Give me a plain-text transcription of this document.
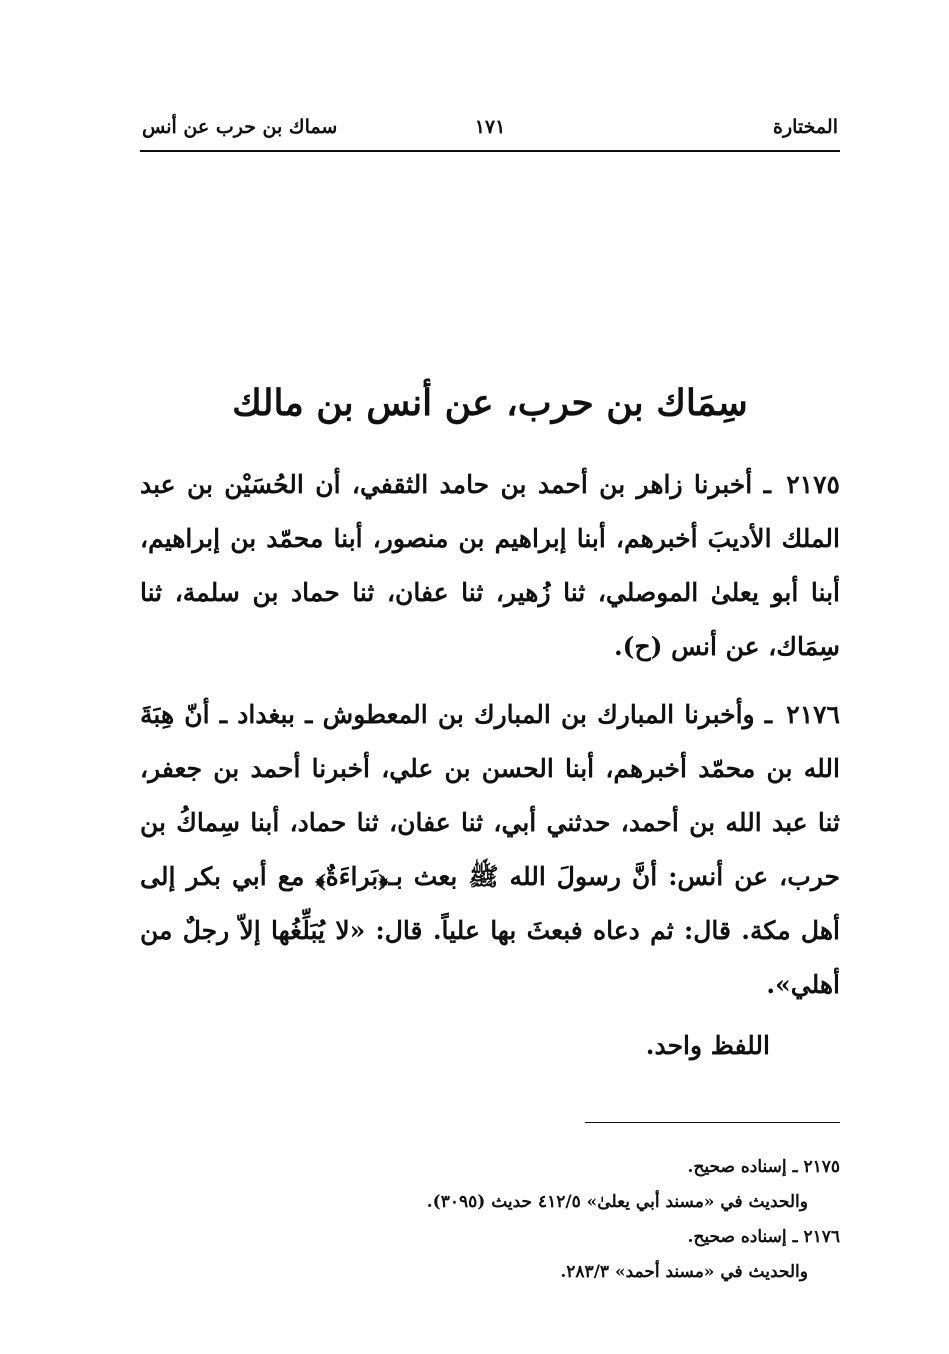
المختارة
١٧١
سماك بن حرب عن أنس
سِمَاك بن حرب، عن أنس بن مالك

٢١٧٥ ـ أخبرنا زاهر بن أحمد بن حامد الثقفي، أن الحُسَيْن بن عبد الملك الأديبَ أخبرهم، أبنا إبراهيم بن منصور، أبنا محمّد بن إبراهيم، أبنا أبو يعلىٰ الموصلي، ثنا زُهير، ثنا عفان، ثنا حماد بن سلمة، ثنا سِمَاك، عن أنس (ح).

٢١٧٦ ـ وأخبرنا المبارك بن المبارك بن المعطوش ـ ببغداد ـ أنّ هِبَةَ الله بن محمّد أخبرهم، أبنا الحسن بن علي، أخبرنا أحمد بن جعفر، ثنا عبد الله بن أحمد، حدثني أبي، ثنا عفان، ثنا حماد، أبنا سِماكُ بن حرب، عن أنس: أنَّ رسولَ الله ﷺ بعث بـ﴿بَراءَةٌ﴾ مع أبي بكر إلى أهل مكة. قال: ثم دعاه فبعثَ بها علياً. قال: «لا يُبَلِّغُها إلاّ رجلٌ من أهلي».

اللفظ واحد.

٢١٧٥ ـ إسناده صحيح.
والحديث في «مسند أبي يعلىٰ» ٤١٢/٥ حديث (٣٠٩٥).
٢١٧٦ ـ إسناده صحيح.
والحديث في «مسند أحمد» ٢٨٣/٣.
